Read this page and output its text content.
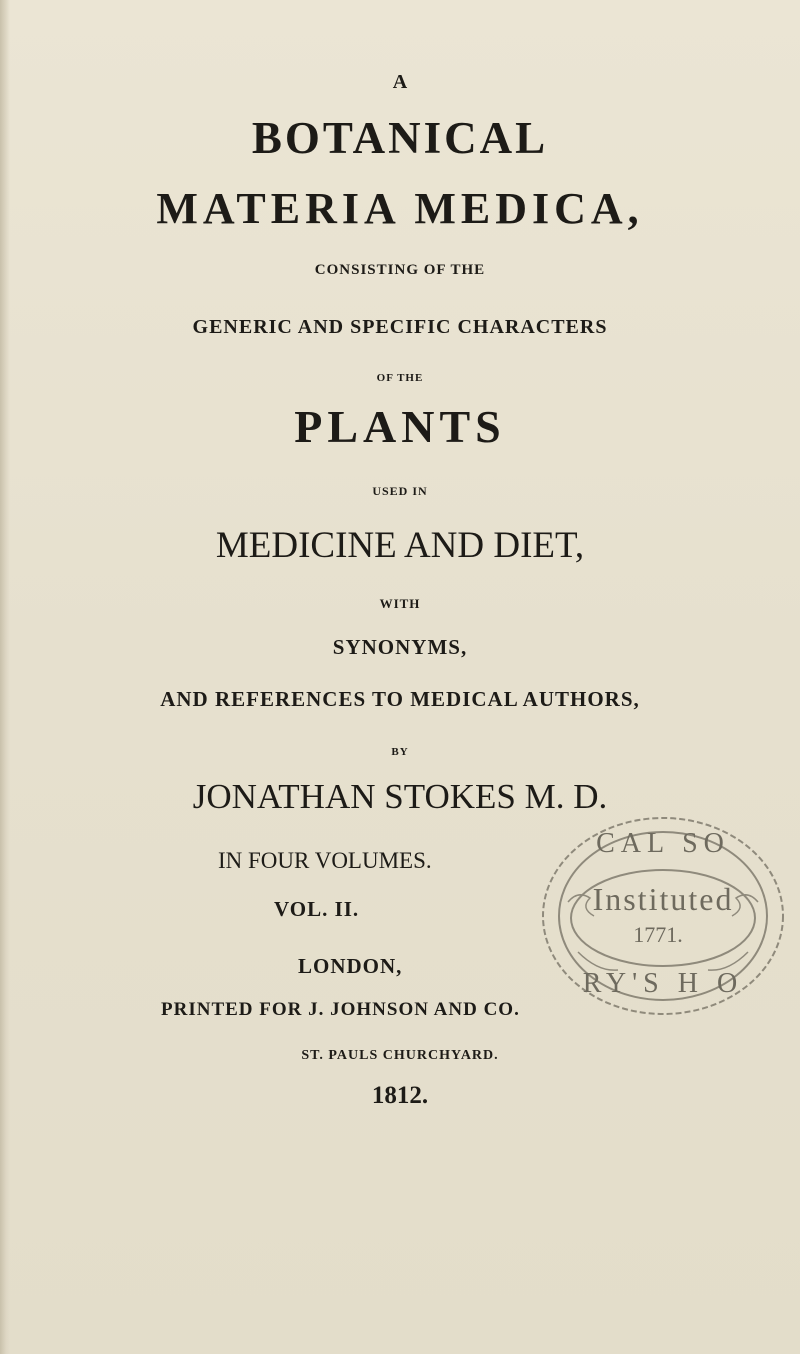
A
BOTANICAL
MATERIA MEDICA,
CONSISTING OF THE
GENERIC AND SPECIFIC CHARACTERS
OF THE
PLANTS
USED IN
MEDICINE AND DIET,
WITH
SYNONYMS,
AND REFERENCES TO MEDICAL AUTHORS,
BY
JONATHAN STOKES M. D.
IN FOUR VOLUMES.
VOL. II.
LONDON,
PRINTED FOR J. JOHNSON AND CO.
ST. PAULS CHURCHYARD.
1812.
CAL SO
Instituted
1771.
RY'S H O
